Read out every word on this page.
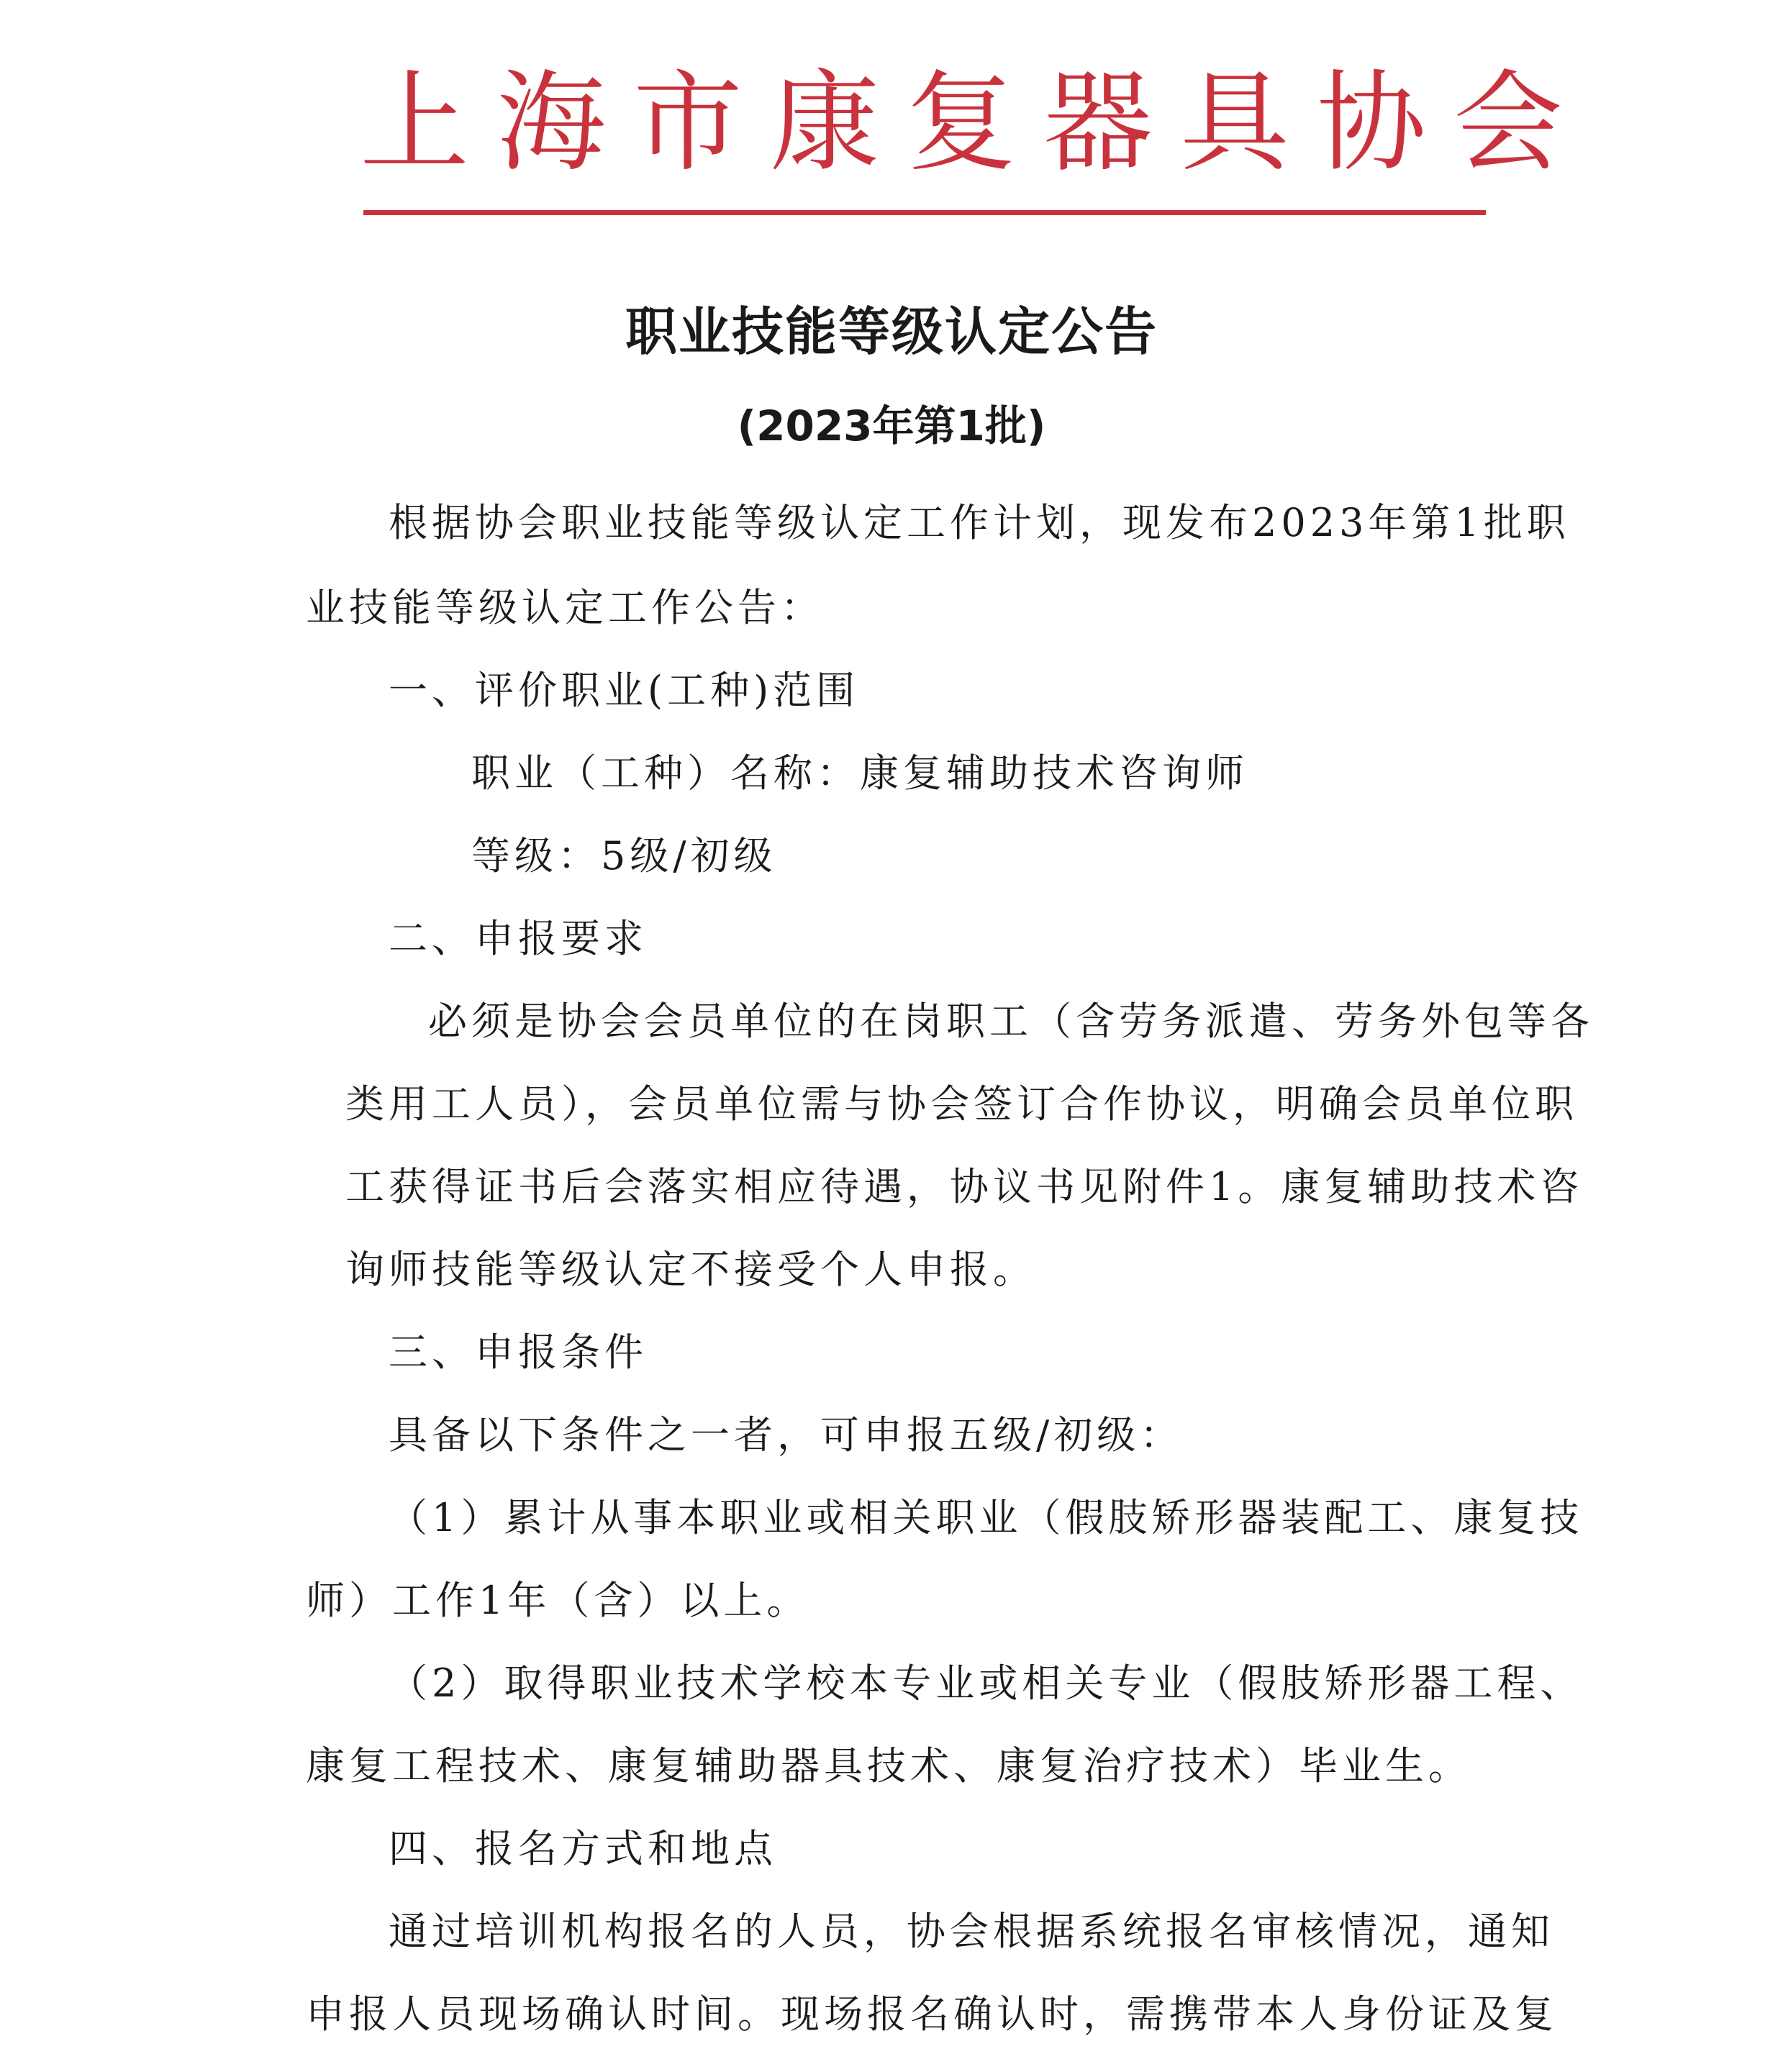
上海市康复器具协会
职业技能等级认定公告
(2023年第1批)
根据协会职业技能等级认定工作计划，现发布2023年第1批职
业技能等级认定工作公告：
一、评价职业(工种)范围
职业（工种）名称：康复辅助技术咨询师
等级：5级/初级
二、申报要求
必须是协会会员单位的在岗职工（含劳务派遣、劳务外包等各
类用工人员），会员单位需与协会签订合作协议，明确会员单位职
工获得证书后会落实相应待遇，协议书见附件1。康复辅助技术咨
询师技能等级认定不接受个人申报。
三、申报条件
具备以下条件之一者，可申报五级/初级：
（1）累计从事本职业或相关职业（假肢矫形器装配工、康复技
师）工作1年（含）以上。
（2）取得职业技术学校本专业或相关专业（假肢矫形器工程、
康复工程技术、康复辅助器具技术、康复治疗技术）毕业生。
四、报名方式和地点
通过培训机构报名的人员，协会根据系统报名审核情况，通知
申报人员现场确认时间。现场报名确认时，需携带本人身份证及复
